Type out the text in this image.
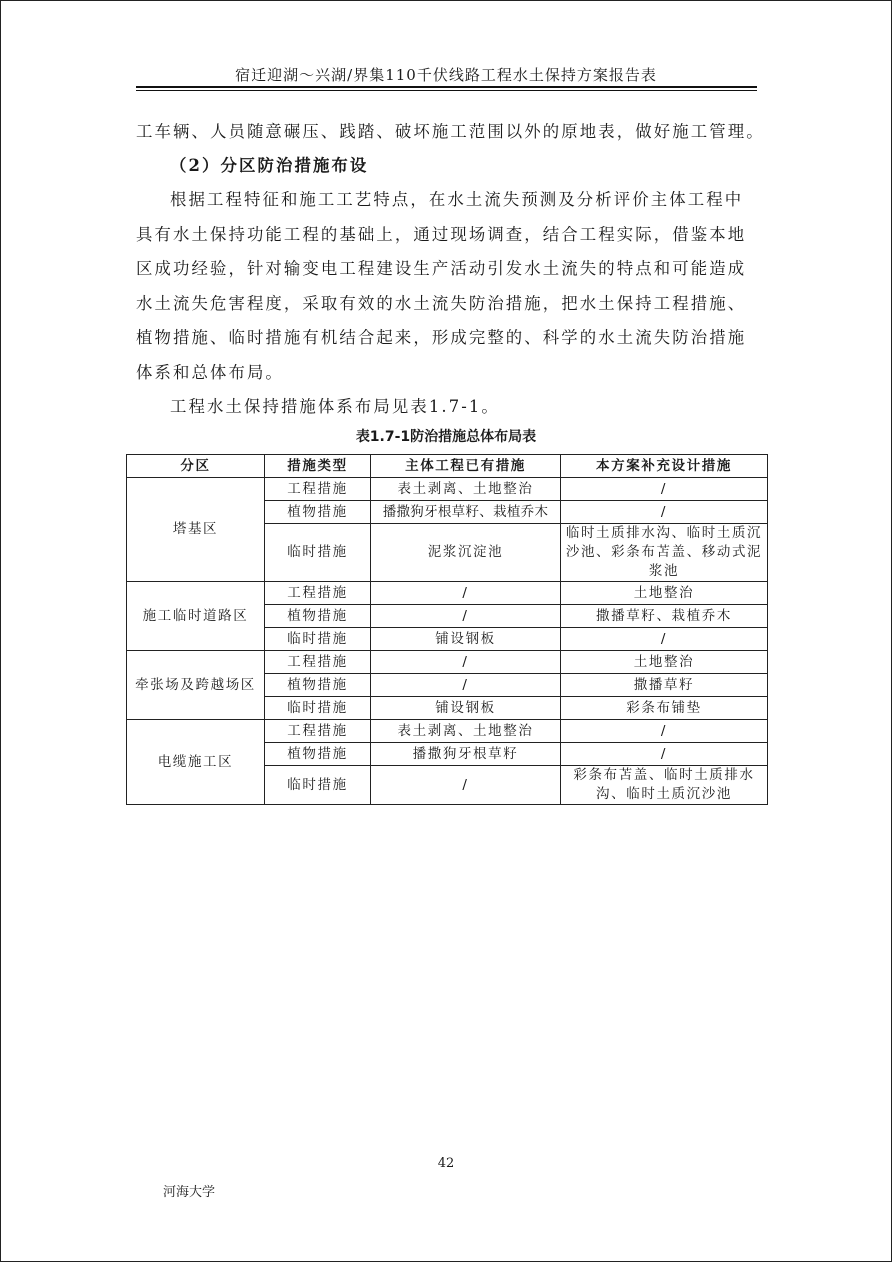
宿迁迎湖～兴湖/界集110千伏线路工程水土保持方案报告表
工车辆、人员随意碾压、践踏、破坏施工范围以外的原地表，做好施工管理。
（2）分区防治措施布设
根据工程特征和施工工艺特点，在水土流失预测及分析评价主体工程中
具有水土保持功能工程的基础上，通过现场调查，结合工程实际，借鉴本地
区成功经验，针对输变电工程建设生产活动引发水土流失的特点和可能造成
水土流失危害程度，采取有效的水土流失防治措施，把水土保持工程措施、
植物措施、临时措施有机结合起来，形成完整的、科学的水土流失防治措施
体系和总体布局。
工程水土保持措施体系布局见表1.7-1。
表1.7-1防治措施总体布局表
分区	措施类型	主体工程已有措施	本方案补充设计措施
塔基区	工程措施	表土剥离、土地整治	/
	植物措施	播撒狗牙根草籽、栽植乔木	/
	临时措施	泥浆沉淀池	临时土质排水沟、临时土质沉沙池、彩条布苫盖、移动式泥浆池
施工临时道路区	工程措施	/	土地整治
	植物措施	/	撒播草籽、栽植乔木
	临时措施	铺设钢板	/
牵张场及跨越场区	工程措施	/	土地整治
	植物措施	/	撒播草籽
	临时措施	铺设钢板	彩条布铺垫
电缆施工区	工程措施	表土剥离、土地整治	/
	植物措施	播撒狗牙根草籽	/
	临时措施	/	彩条布苫盖、临时土质排水沟、临时土质沉沙池
42
河海大学
